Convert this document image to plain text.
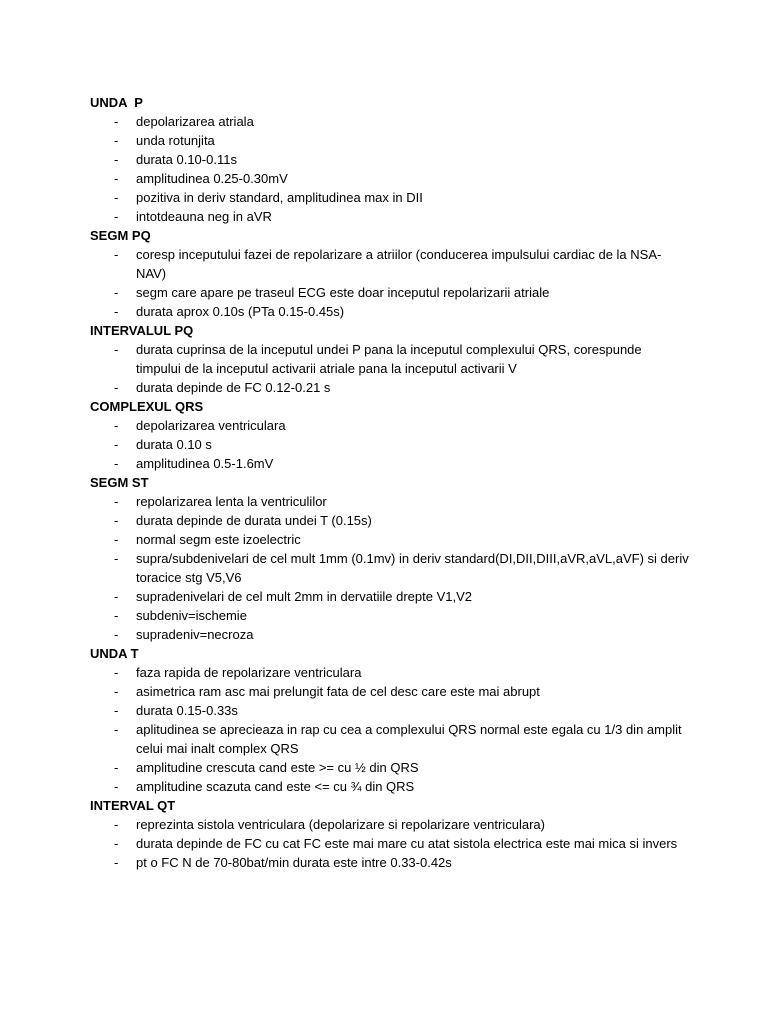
UNDA  P

- depolarizarea atriala

- unda rotunjita

- durata 0.10-0.11s

- amplitudinea 0.25-0.30mV

- pozitiva in deriv standard, amplitudinea max in DII

- intotdeauna neg in aVR

SEGM PQ

- coresp inceputului fazei de repolarizare a atriilor (conducerea impulsului cardiac de la NSA-NAV)

- segm care apare pe traseul ECG este doar inceputul repolarizarii atriale

- durata aprox 0.10s (PTa 0.15-0.45s)

INTERVALUL PQ

- durata cuprinsa de la inceputul undei P pana la inceputul complexului QRS, corespunde timpului de la inceputul activarii atriale pana la inceputul activarii V

- durata depinde de FC 0.12-0.21 s

COMPLEXUL QRS

- depolarizarea ventriculara

- durata 0.10 s

- amplitudinea 0.5-1.6mV

SEGM ST

- repolarizarea lenta la ventriculilor

- durata depinde de durata undei T (0.15s)

- normal segm este izoelectric

- supra/subdenivelari de cel mult 1mm (0.1mv) in deriv standard(DI,DII,DIII,aVR,aVL,aVF) si deriv toracice stg V5,V6

- supradenivelari de cel mult 2mm in dervatiile drepte V1,V2

- subdeniv=ischemie

- supradeniv=necroza

UNDA T

- faza rapida de repolarizare ventriculara

- asimetrica ram asc mai prelungit fata de cel desc care este mai abrupt

- durata 0.15-0.33s

- aplitudinea se aprecieaza in rap cu cea a complexului QRS normal este egala cu 1/3 din amplit celui mai inalt complex QRS

- amplitudine crescuta cand este >= cu ½ din QRS

- amplitudine scazuta cand este <= cu ¾ din QRS

INTERVAL QT

- reprezinta sistola ventriculara (depolarizare si repolarizare ventriculara)

- durata depinde de FC cu cat FC este mai mare cu atat sistola electrica este mai mica si invers

- pt o FC N de 70-80bat/min durata este intre 0.33-0.42s
